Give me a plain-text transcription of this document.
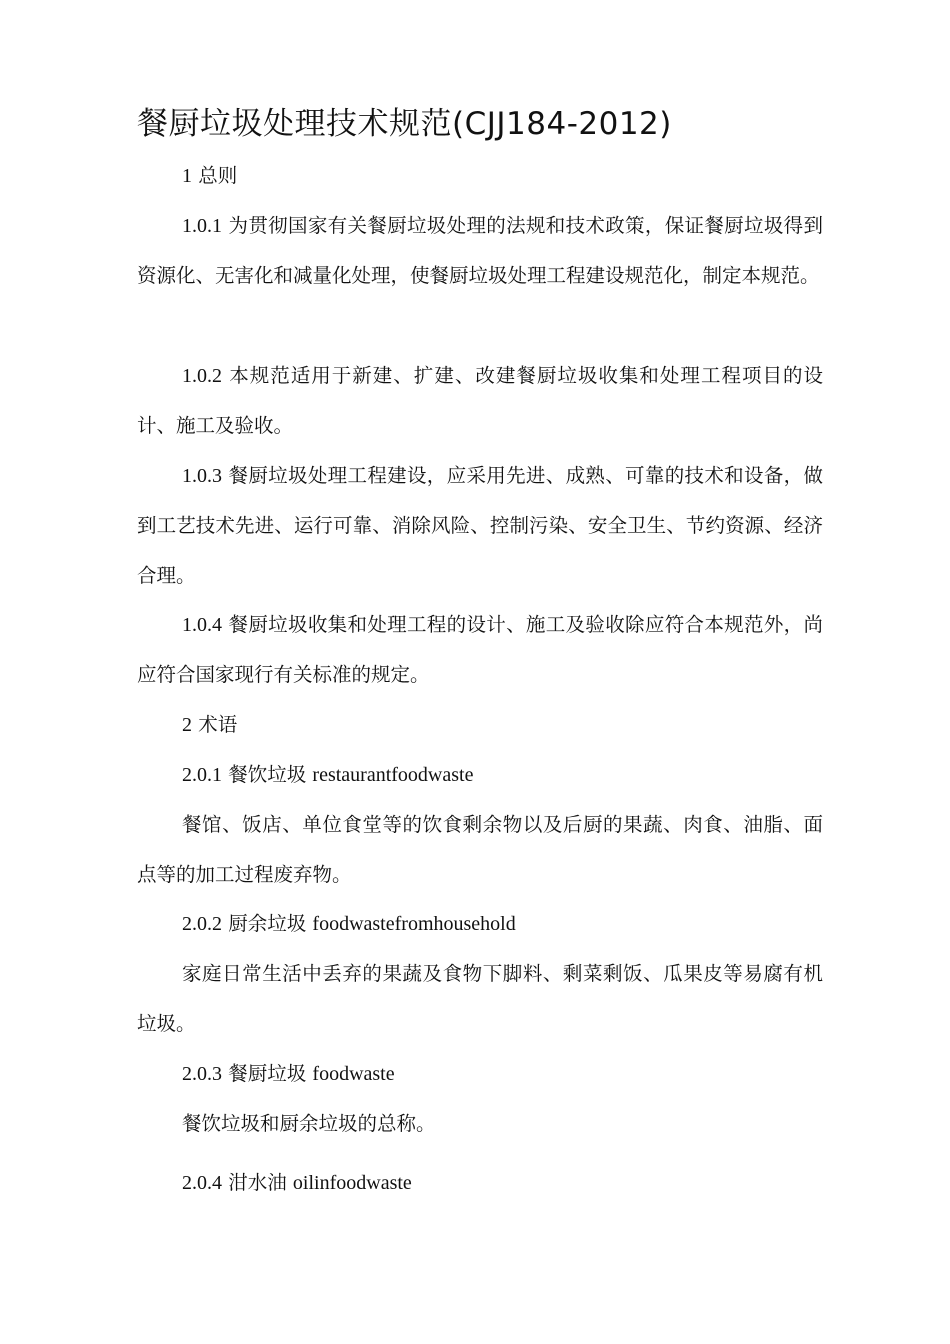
餐厨垃圾处理技术规范(CJJ184-2012)

1 总则

1.0.1 为贯彻国家有关餐厨垃圾处理的法规和技术政策，保证餐厨垃圾得到资源化、无害化和减量化处理，使餐厨垃圾处理工程建设规范化，制定本规范。

1.0.2 本规范适用于新建、扩建、改建餐厨垃圾收集和处理工程项目的设计、施工及验收。

1.0.3 餐厨垃圾处理工程建设，应采用先进、成熟、可靠的技术和设备，做到工艺技术先进、运行可靠、消除风险、控制污染、安全卫生、节约资源、经济合理。

1.0.4 餐厨垃圾收集和处理工程的设计、施工及验收除应符合本规范外，尚应符合国家现行有关标准的规定。

2 术语

2.0.1 餐饮垃圾 restaurantfoodwaste

餐馆、饭店、单位食堂等的饮食剩余物以及后厨的果蔬、肉食、油脂、面点等的加工过程废弃物。

2.0.2 厨余垃圾 foodwastefromhousehold

家庭日常生活中丢弃的果蔬及食物下脚料、剩菜剩饭、瓜果皮等易腐有机垃圾。

2.0.3 餐厨垃圾 foodwaste

餐饮垃圾和厨余垃圾的总称。

2.0.4 泔水油 oilinfoodwaste
